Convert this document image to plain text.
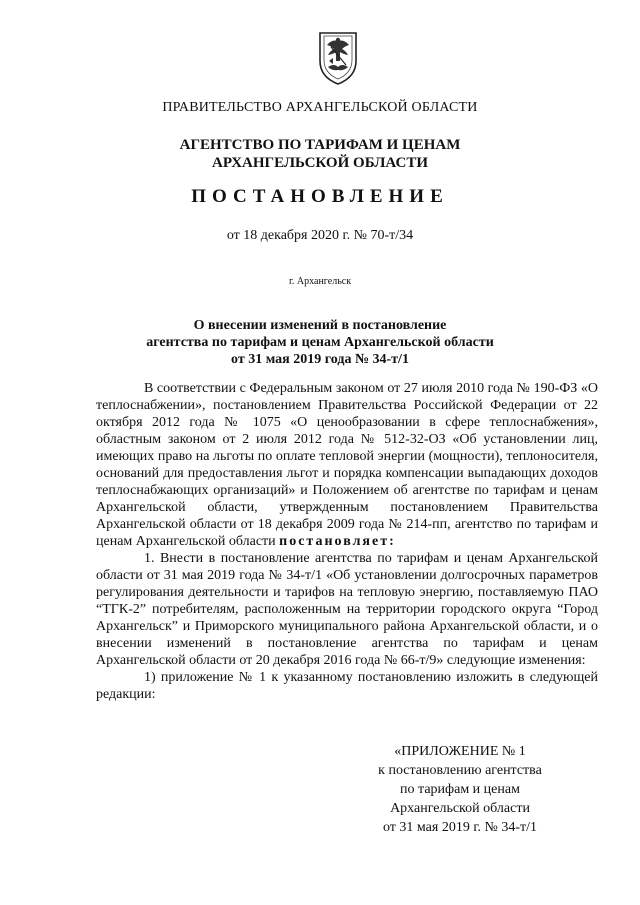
ПРАВИТЕЛЬСТВО АРХАНГЕЛЬСКОЙ ОБЛАСТИ
АГЕНТСТВО ПО ТАРИФАМ И ЦЕНАМ
АРХАНГЕЛЬСКОЙ ОБЛАСТИ
ПОСТАНОВЛЕНИЕ
от 18 декабря 2020 г. № 70-т/34
г. Архангельск
О внесении изменений в постановление
агентства по тарифам и ценам Архангельской области
от 31 мая 2019 года № 34-т/1

В соответствии с Федеральным законом от 27 июля 2010 года № 190-ФЗ «О теплоснабжении», постановлением Правительства Российской Федерации от 22 октября 2012 года № 1075 «О ценообразовании в сфере теплоснабжения», областным законом от 2 июля 2012 года № 512-32-ОЗ «Об установлении лиц, имеющих право на льготы по оплате тепловой энергии (мощности), теплоносителя, оснований для предоставления льгот и порядка компенсации выпадающих доходов теплоснабжающих организаций» и Положением об агентстве по тарифам и ценам Архангельской области, утвержденным постановлением Правительства Архангельской области от 18 декабря 2009 года № 214-пп, агентство по тарифам и ценам Архангельской области постановляет:

1. Внести в постановление агентства по тарифам и ценам Архангельской области от 31 мая 2019 года № 34-т/1 «Об установлении долгосрочных параметров регулирования деятельности и тарифов на тепловую энергию, поставляемую ПАО “ТГК-2” потребителям, расположенным на территории городского округа “Город Архангельск” и Приморского муниципального района Архангельской области, и о внесении изменений в постановление агентства по тарифам и ценам Архангельской области от 20 декабря 2016 года № 66-т/9» следующие изменения:

1) приложение № 1 к указанному постановлению изложить в следующей редакции:

«ПРИЛОЖЕНИЕ № 1
к постановлению агентства
по тарифам и ценам
Архангельской области
от 31 мая 2019 г. № 34-т/1
